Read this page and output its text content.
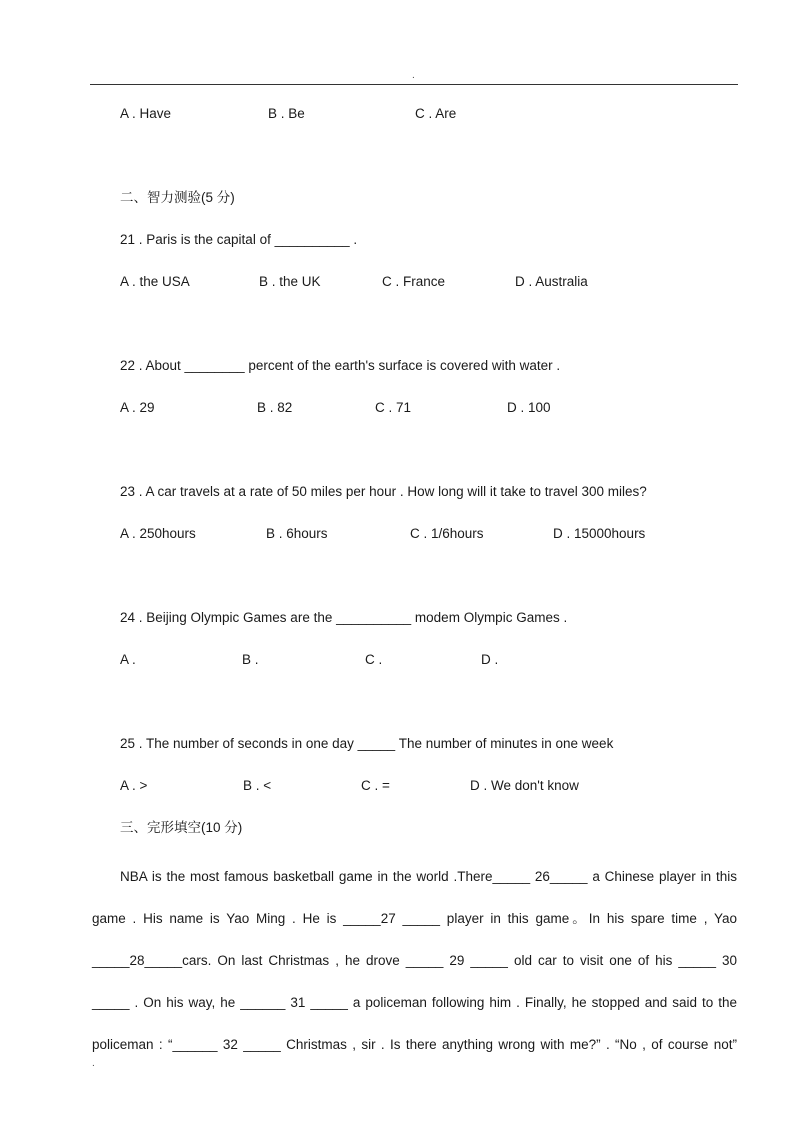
.
A . Have	B . Be	C . Are
二、智力测验(5 分)
21 . Paris is the capital of __________ .
A . the USA	B . the UK	C . France	D . Australia
22 . About ________ percent of the earth's surface is covered with water .
A . 29	B . 82	C . 71	D . 100
23 . A car travels at a rate of 50 miles per hour . How long will it take to travel 300 miles?
A . 250hours	B . 6hours	C . 1/6hours	D . 15000hours
24 . Beijing Olympic Games are the __________ modem Olympic Games .
A .	B .	C .	D .
25 . The number of seconds in one day _____ The number of minutes in one week
A . >	B . <	C . =	D . We don't know
三、完形填空(10 分)
NBA is the most famous basketball game in the world .There_____ 26_____ a Chinese player in this
game . His name is Yao Ming . He is _____27 _____ player in this game。In his spare time , Yao
_____28_____cars. On last Christmas , he drove _____ 29 _____ old car to visit one of his _____ 30
_____ . On his way, he ______ 31 _____ a policeman following him . Finally, he stopped and said to the
policeman : “______ 32 _____ Christmas , sir . Is there anything wrong with me?” . “No , of course not”
.
